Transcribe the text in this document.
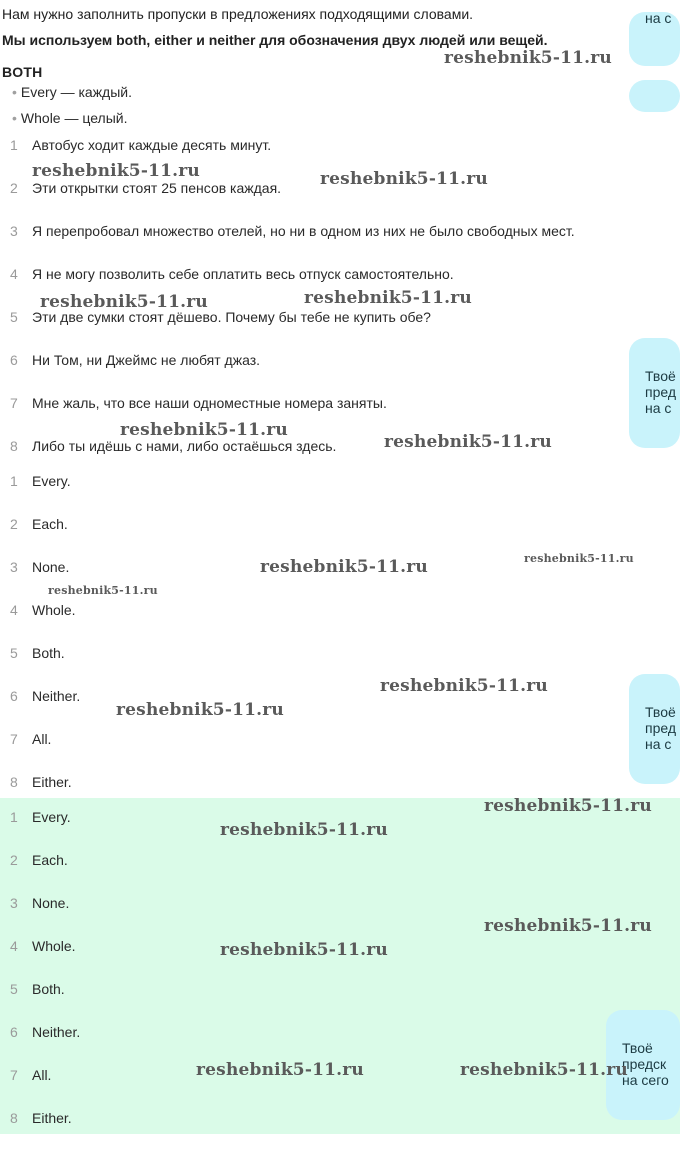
Нам нужно заполнить пропуски в предложениях подходящими словами.
Мы используем both, either и neither для обозначения двух людей или вещей.
BOTH
• Every — каждый.
• Whole — целый.
1 Автобус ходит каждые десять минут.
2 Эти открытки стоят 25 пенсов каждая.
3 Я перепробовал множество отелей, но ни в одном из них не было свободных мест.
4 Я не могу позволить себе оплатить весь отпуск самостоятельно.
5 Эти две сумки стоят дёшево. Почему бы тебе не купить обе?
6 Ни Том, ни Джеймс не любят джаз.
7 Мне жаль, что все наши одноместные номера заняты.
8 Либо ты идёшь с нами, либо остаёшься здесь.
1 Every.
2 Each.
3 None.
4 Whole.
5 Both.
6 Neither.
7 All.
8 Either.
1 Every.
2 Each.
3 None.
4 Whole.
5 Both.
6 Neither.
7 All.
8 Either.
на с
Твоё
пред
на с
Твоё
пред
на с
Твоё
предск
на сего
reshebnik5-11.ru
reshebnik5-11.ru	reshebnik5-11.ru
reshebnik5-11.ru	reshebnik5-11.ru
reshebnik5-11.ru
reshebnik5-11.ru
reshebnik5-11.ru	reshebnik5-11.ru
reshebnik5-11.ru
reshebnik5-11.ru
reshebnik5-11.ru
reshebnik5-11.ru
reshebnik5-11.ru
reshebnik5-11.ru
reshebnik5-11.ru
reshebnik5-11.ru	reshebnik5-11.ru
